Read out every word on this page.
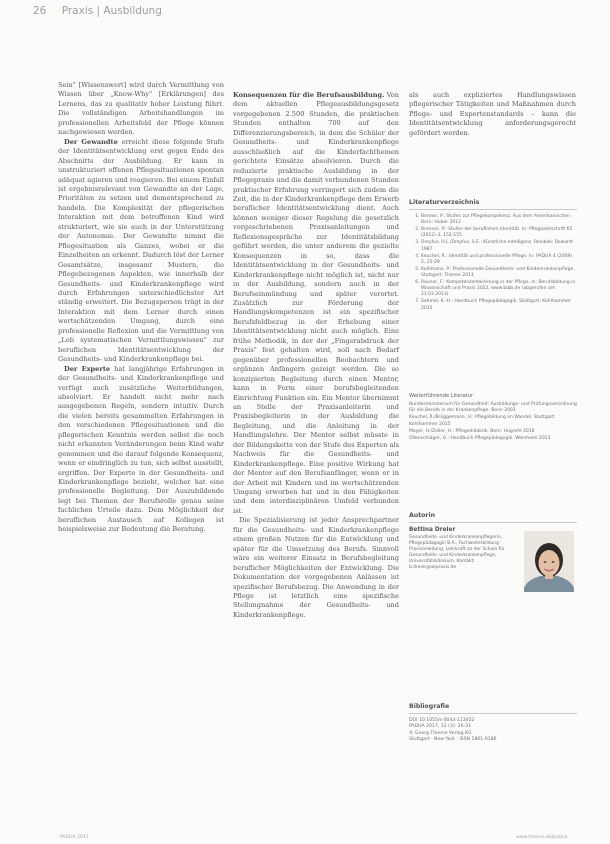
26 Praxis | Ausbildung

Sein" [Wissenswert] wird durch Vermittlung von Wissen über „Know-Why" [Erklärungen] des Lernens, das zu qualitativ hoher Leistung führt. Die vollständigen Arbeitshandlungen im professionellen Arbeitsfeld der Pflege können nachgewiesen werden.

Der Gewandte erreicht diese folgende Stufe der Identitätsentwicklung erst gegen Ende des Abschnitts der Ausbildung. Er kann in unstrukturiert offenen Pflegesituationen spontan adäquat agieren und reagieren. Bei einem Einfall ist ergebnisrelevant von Gewandte an der Lage, Prioritäten zu setzen und dementsprechend zu handeln. Die Komplexität der pflegerischen Interaktion mit dem betroffenen Kind wird strukturiert, wie sie auch in der Unterstützung der Autonomie. Der Gewandte nimmt die Pflegesituation als Ganzes, wobei er die Einzelheiten an erkennt. Dadurch löst der Lerner Gesamtsätze, insgesamt Mustern, die Pflegebezogenen Aspekten, wie innerhalb der Gesundheits- und Kinderkrankenpflege wird durch Erfahrungen unterschiedlichster Art ständig erweitert. Die Bezugsperson trägt in der Interaktion mit dem Lerner durch einen wertschätzenden Umgang, durch eine professionelle Reflexion und die Vermittlung von „Lob systematischen Vermittlungswissen" zur beruflichen Identitätsentwicklung der Gesundheits- und Kinderkrankenpflege bei.

Der Experte hat langjährige Erfahrungen in der Gesundheits- und Kinderkrankenpflege und verfügt auch zusätzliche Weiterbildungen, absolviert. Er handelt nicht mehr nach ausgegebenen Regeln, sondern intuitiv. Durch die vielen bereits gesammelten Erfahrungen in den verschiedenen Pflegesituationen und die pflegerischen Kenntnis werden selbst die noch nicht erkannten Veränderungen beim Kind wahr genommen und die darauf folgende Konsequenz, wenn er eindringlich zu tun, sich selbst ausstellt, ergriffen. Der Experte in der Gesundheits- und Kinderkrankenpflege bezieht, welcher hat eine professionelle Begleitung. Der Auszubildende legt bei Themen der Berufsrolle genau seine fachlichen Urteile dazu. Dem Möglichkeit der beruflichen Austausch auf Kollegen ist beispielsweise zur Bedeutung die Beratung.

Konsequenzen für die Berufsausbildung. Von dem aktuellen Pflegeausbildungsgesetz vorgegebenen 2.500 Stunden, die praktischen Stunden enthalten 700 auf den Differenzierungsbereich, in dem die Schüler der Gesundheits- und Kinderkrankenpflege ausschließlich auf die Kinderfachthemen gerichtete Einsätze absolvieren. Durch die reduzierte praktische Ausbildung in der Pflegepraxis und die damit verbundenen Stunden praktischer Erfahrung verringert sich zudem die Zeit, die in der Kinderkrankenpflege dem Erwerb beruflicher Identitätsentwicklung dient. Auch können weniger dieser Regelung die gesetzlich vorgeschriebenen Praxisanleitungen und Reflexionsgespräche zur Identitätsbildung geführt werden, die unter anderem die gezielte Konsequenzen in so, dass die Identitätsentwicklung in der Gesundheits- und Kinderkrankenpflege nicht möglich ist, nicht nur in der Ausbildung, sondern auch in der Berufseinmündung und später verortet. Zusätzlich zur Förderung der Handlungskompetenzen ist ein spezifischer Berufsfeldbezug in der Erhebung einer Identitätsentwicklung nicht auch möglich. Eine frühe Methodik, in der der „Fingerabdruck der Praxis" fest gehalten wird, soll nach Bedarf gegenüber professionellen Beobachtern und ergänzen Anfängern gezeigt werden. Die so konzipierten Begleitung durch einen Mentor, kann in Form einer berufsbegleitenden Einrichtung Funktion ein. Ein Mentor übernimmt an Stelle der Praxisanleiterin und Praxisbegleiterin in der Ausbildung die Begleitung, und die Anleitung in der Handlungslehre. Der Mentor selbst müsste in der Bildungskette von der Stufe des Experten als Nachweis für die Gesundheits- und Kinderkrankenpflege. Eine positive Wirkung hat der Mentor auf den Berufsanfänger, wenn er in der Arbeit mit Kindern und im wertschätzenden Umgang erworben hat und in den Fähigkeiten und dem interdisziplinären Umfeld verbunden ist.

Die Spezialisierung ist jeder Ansprechpartner für die Gesundheits- und Kinderkrankenpflege einem großen Nutzen für die Entwicklung und später für die Umsetzung des Berufs. Sinnvoll wäre ein weiterer Einsatz in Berufsbegleitung beruflicher Möglichkeiten der Entwicklung. Die Dokumentation der vorgegebenen Anlässen ist spezifischer Berufsbezug. Die Anwendung in der Pflege ist letztlich eine spezifische Stellungnahme der Gesundheits- und Kinderkrankenpflege.

als auch expliziertes Handlungswissen pflegerischer Tätigkeiten und Maßnahmen durch Pflege- und Expertenstandards – kann die Identitätsentwicklung anforderungsgerecht gefördert werden.

Literaturverzeichnis
1. Benner, P.: Stufen zur Pflegekompetenz. Aus dem Amerikanischen. Bern: Huber 2012
2. Brenner, P.: Stufen der beruflichen Identität. In: Pflegezeitschrift 65 (2012) 3, 152-155
3. Dreyfus, H.L./Dreyfus, S.E.: Künstliche Intelligenz. Reinbek: Rowohlt 1987
4. Keuchel, R.: Identität und professionelle Pflege. In: PADUA 4 (2009) 2, 25-29
5. Kuhlmann, P.: Professionelle Gesundheits- und Kinderkrankenpflege. Stuttgart: Thieme 2011
6. Rauner, F.: Kompetenzentwicklung in der Pflege. In: Berufsbildung in Wissenschaft und Praxis 2012, www.bibb.de (abgerufen am 21.03.2013)
7. Sahmel, K.-H.: Handbuch Pflegepädagogik. Stuttgart: Kohlhammer 2015
Weiterführende Literatur
Bundesministerium für Gesundheit: Ausbildungs- und Prüfungsverordnung für die Berufe in der Krankenpflege. Bonn 2003
Keuchel, R./Brüggemann, H.: Pflegebildung im Wandel. Stuttgart: Kohlhammer 2015
Mayer, H./Zeller, H.: Pflegedidaktik. Bern: Hogrefe 2016
Ollenschläger, G.: Handbuch Pflegepädagogik. Weinheim 2013
Autorin
Bettina Dreier

Gesundheits- und Kinderkrankenpflegerin, Pflegepädagogin B.A., Fachweiterbildung Praxisanleitung, Lehrkraft an der Schule für Gesundheits- und Kinderkrankenpflege, Universitätsklinikum, Kontakt: b.dreier@ukpraxis.de

Bibliografie

DOI 10.1055/s-0043-113452
PADUA 2017; 12 (3): 26-31
© Georg Thieme Verlag KG
Stuttgart · New York · ISSN 1861-6186

PADUA 2017	www.thieme.de/padua
